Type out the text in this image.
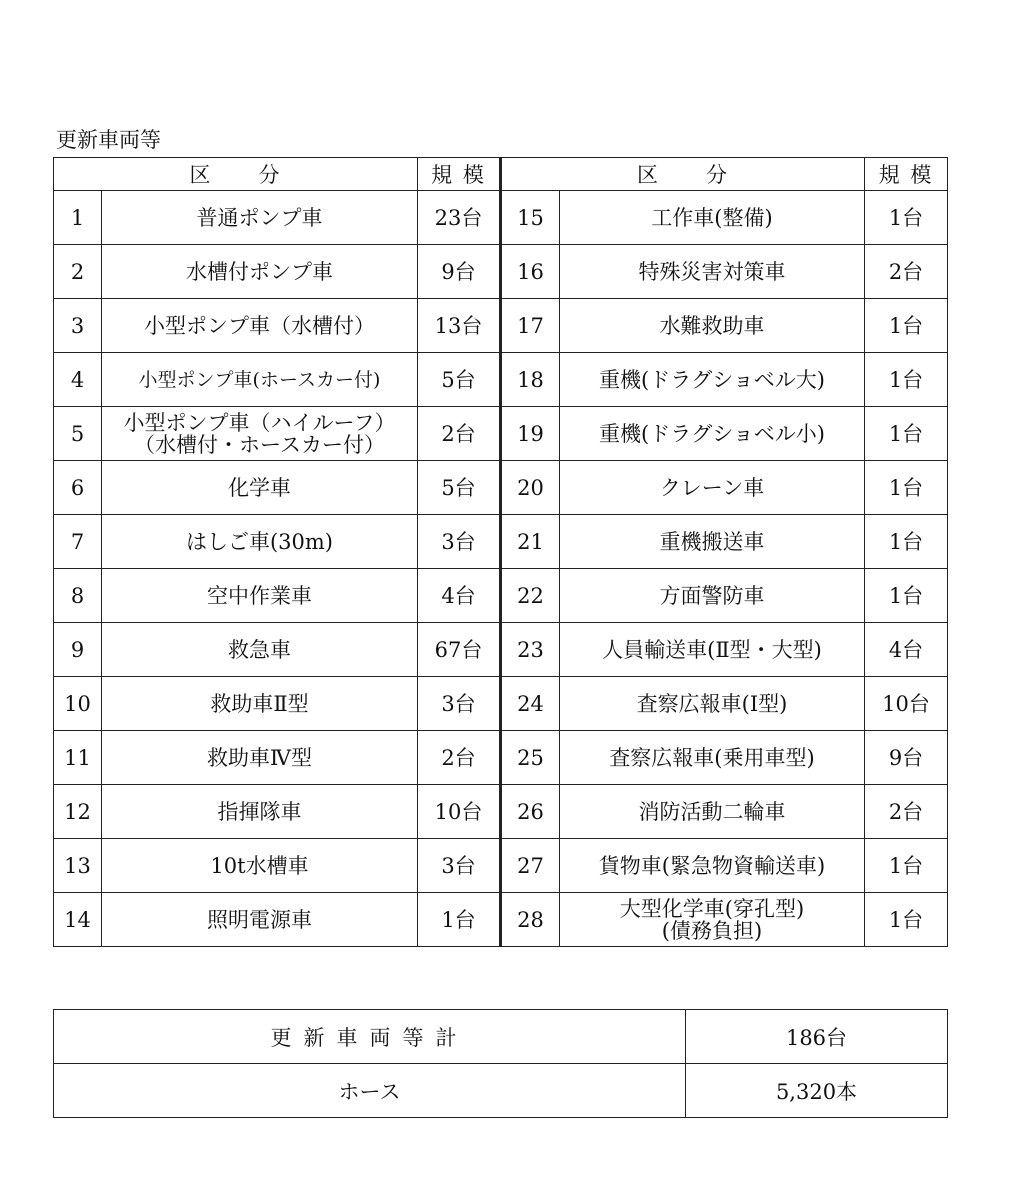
更新車両等
区　　分		規 模	区　　分		規 模
1	普通ポンプ車	23台	15	工作車(整備)	1台
2	水槽付ポンプ車	9台	16	特殊災害対策車	2台
3	小型ポンプ車（水槽付）	13台	17	水難救助車	1台
4	小型ポンプ車(ホースカー付)	5台	18	重機(ドラグショベル大)	1台
5	小型ポンプ車（ハイルーフ）
（水槽付・ホースカー付）	2台	19	重機(ドラグショベル小)	1台
6	化学車	5台	20	クレーン車	1台
7	はしご車(30m)	3台	21	重機搬送車	1台
8	空中作業車	4台	22	方面警防車	1台
9	救急車	67台	23	人員輸送車(Ⅱ型・大型)	4台
10	救助車Ⅱ型	3台	24	査察広報車(Ⅰ型)	10台
11	救助車Ⅳ型	2台	25	査察広報車(乗用車型)	9台
12	指揮隊車	10台	26	消防活動二輪車	2台
13	10t水槽車	3台	27	貨物車(緊急物資輸送車)	1台
14	照明電源車	1台	28	大型化学車(穿孔型)
(債務負担)	1台
更新車両等計	186台
ホース	5,320本
